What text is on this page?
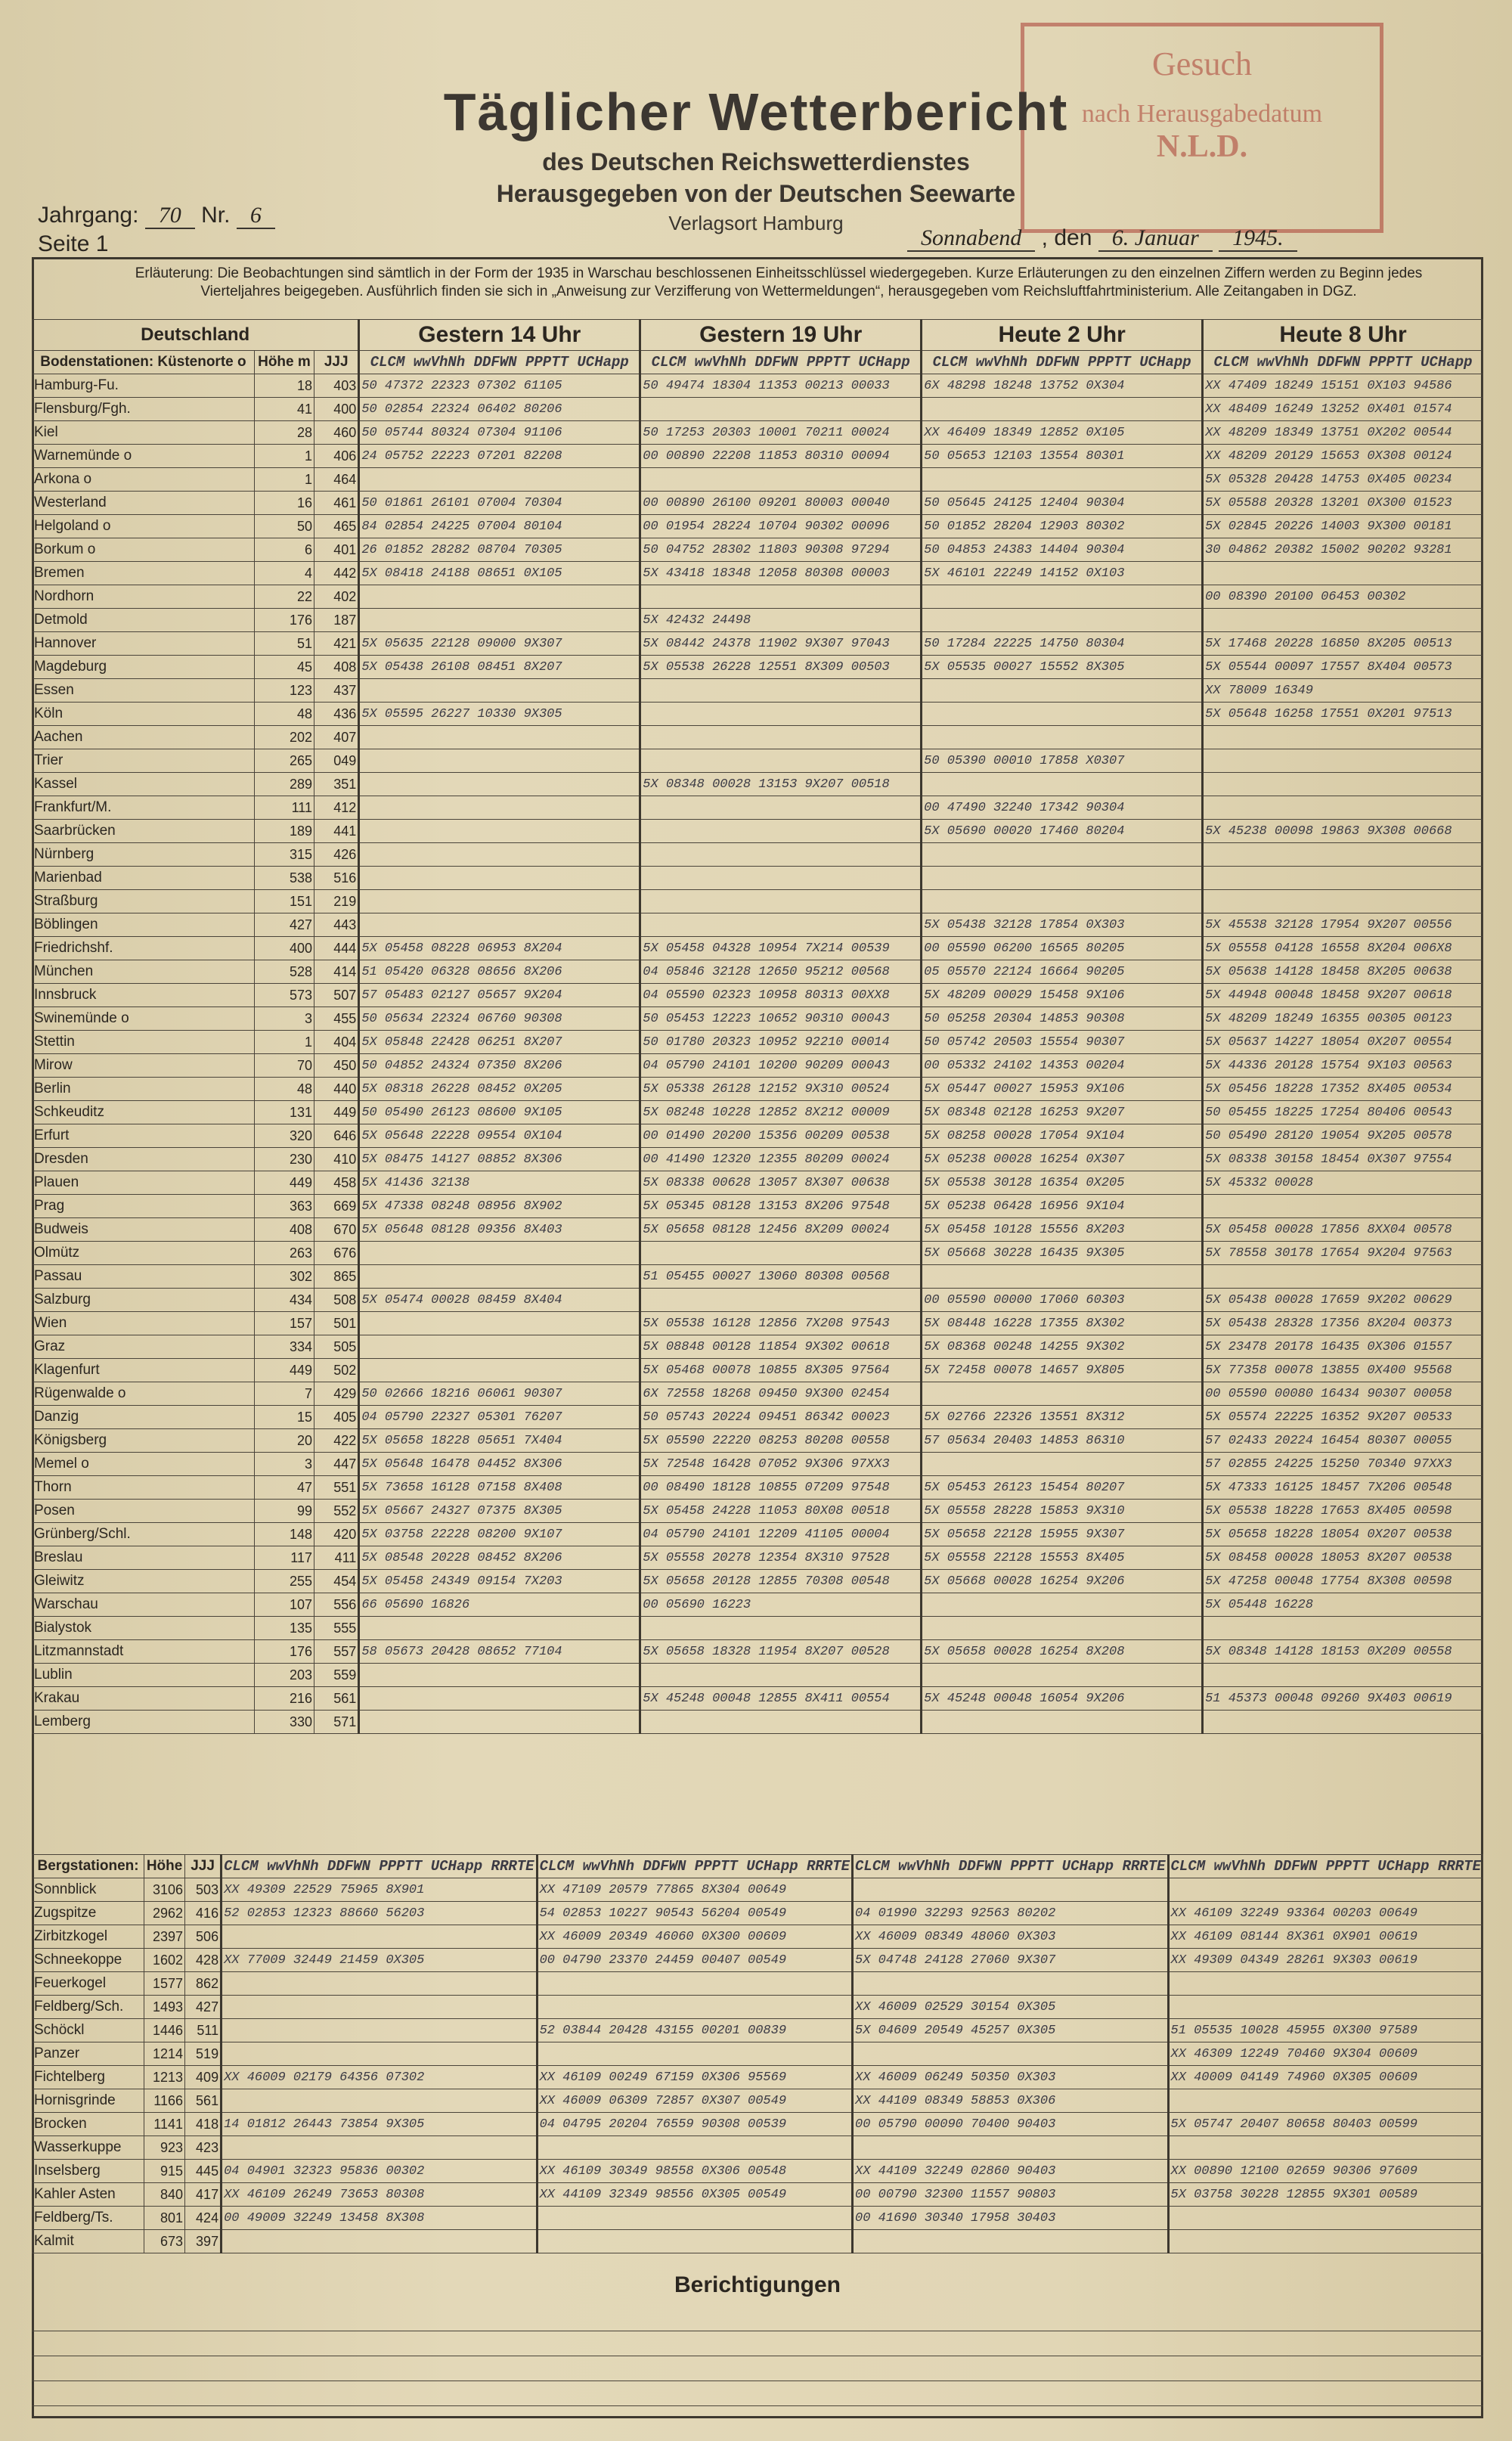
Gesuch
nach Herausgabedatum
N.L.D.
Täglicher Wetterbericht
des Deutschen Reichswetterdienstes
Herausgegeben von der Deutschen Seewarte
Verlagsort Hamburg
Jahrgang: 70 Nr. 6
Seite 1	Sonnabend , den 6. Januar 1945.
Erläuterung: Die Beobachtungen sind sämtlich in der Form der 1935 in Warschau beschlossenen Einheitsschlüssel wiedergegeben. Kurze Erläuterungen zu den einzelnen Ziffern werden zu Beginn jedes Vierteljahres beigegeben. Ausführlich finden sie sich in „Anweisung zur Verzifferung von Wettermeldungen“, herausgegeben vom Reichsluftfahrtministerium. Alle Zeitangaben in DGZ.
Deutschland			Gestern 14 Uhr	Gestern 19 Uhr	Heute 2 Uhr	Heute 8 Uhr
Bodenstationen: Küstenorte o	Höhe m	JJJ	CLCM wwVhNh DDFWN PPPTT UCHapp	CLCM wwVhNh DDFWN PPPTT UCHapp	CLCM wwVhNh DDFWN PPPTT UCHapp	CLCM wwVhNh DDFWN PPPTT UCHapp
Hamburg-Fu.	18	403	50 47372 22323 07302 61105	50 49474 18304 11353 00213 00033	6X 48298 18248 13752 0X304	XX 47409 18249 15151 0X103 94586
Flensburg/Fgh.	41	400	50 02854 22324 06402 80206			XX 48409 16249 13252 0X401 01574
Kiel	28	460	50 05744 80324 07304 91106	50 17253 20303 10001 70211 00024	XX 46409 18349 12852 0X105	XX 48209 18349 13751 0X202 00544
Warnemünde o	1	406	24 05752 22223 07201 82208	00 00890 22208 11853 80310 00094	50 05653 12103 13554 80301	XX 48209 20129 15653 0X308 00124
Arkona o	1	464				5X 05328 20428 14753 0X405 00234
Westerland	16	461	50 01861 26101 07004 70304	00 00890 26100 09201 80003 00040	50 05645 24125 12404 90304	5X 05588 20328 13201 0X300 01523
Helgoland o	50	465	84 02854 24225 07004 80104	00 01954 28224 10704 90302 00096	50 01852 28204 12903 80302	5X 02845 20226 14003 9X300 00181
Borkum o	6	401	26 01852 28282 08704 70305	50 04752 28302 11803 90308 97294	50 04853 24383 14404 90304	30 04862 20382 15002 90202 93281
Bremen	4	442	5X 08418 24188 08651 0X105	5X 43418 18348 12058 80308 00003	5X 46101 22249 14152 0X103	
Nordhorn	22	402				00 08390 20100 06453 00302
Detmold	176	187		5X 42432 24498		
Hannover	51	421	5X 05635 22128 09000 9X307	5X 08442 24378 11902 9X307 97043	50 17284 22225 14750 80304	5X 17468 20228 16850 8X205 00513
Magdeburg	45	408	5X 05438 26108 08451 8X207	5X 05538 26228 12551 8X309 00503	5X 05535 00027 15552 8X305	5X 05544 00097 17557 8X404 00573
Essen	123	437				XX 78009 16349
Köln	48	436	5X 05595 26227 10330 9X305			5X 05648 16258 17551 0X201 97513
Aachen	202	407				
Trier	265	049			50 05390 00010 17858 X0307	
Kassel	289	351		5X 08348 00028 13153 9X207 00518		
Frankfurt/M.	111	412			00 47490 32240 17342 90304	
Saarbrücken	189	441			5X 05690 00020 17460 80204	5X 45238 00098 19863 9X308 00668
Nürnberg	315	426				
Marienbad	538	516				
Straßburg	151	219				
Böblingen	427	443			5X 05438 32128 17854 0X303	5X 45538 32128 17954 9X207 00556
Friedrichshf.	400	444	5X 05458 08228 06953 8X204	5X 05458 04328 10954 7X214 00539	00 05590 06200 16565 80205	5X 05558 04128 16558 8X204 006X8
München	528	414	51 05420 06328 08656 8X206	04 05846 32128 12650 95212 00568	05 05570 22124 16664 90205	5X 05638 14128 18458 8X205 00638
Innsbruck	573	507	57 05483 02127 05657 9X204	04 05590 02323 10958 80313 00XX8	5X 48209 00029 15458 9X106	5X 44948 00048 18458 9X207 00618
Swinemünde o	3	455	50 05634 22324 06760 90308	50 05453 12223 10652 90310 00043	50 05258 20304 14853 90308	5X 48209 18249 16355 00305 00123
Stettin	1	404	5X 05848 22428 06251 8X207	50 01780 20323 10952 92210 00014	50 05742 20503 15554 90307	5X 05637 14227 18054 0X207 00554
Mirow	70	450	50 04852 24324 07350 8X206	04 05790 24101 10200 90209 00043	00 05332 24102 14353 00204	5X 44336 20128 15754 9X103 00563
Berlin	48	440	5X 08318 26228 08452 0X205	5X 05338 26128 12152 9X310 00524	5X 05447 00027 15953 9X106	5X 05456 18228 17352 8X405 00534
Schkeuditz	131	449	50 05490 26123 08600 9X105	5X 08248 10228 12852 8X212 00009	5X 08348 02128 16253 9X207	50 05455 18225 17254 80406 00543
Erfurt	320	646	5X 05648 22228 09554 0X104	00 01490 20200 15356 00209 00538	5X 08258 00028 17054 9X104	50 05490 28120 19054 9X205 00578
Dresden	230	410	5X 08475 14127 08852 8X306	00 41490 12320 12355 80209 00024	5X 05238 00028 16254 0X307	5X 08338 30158 18454 0X307 97554
Plauen	449	458	5X 41436 32138	5X 08338 00628 13057 8X307 00638	5X 05538 30128 16354 0X205	5X 45332 00028
Prag	363	669	5X 47338 08248 08956 8X902	5X 05345 08128 13153 8X206 97548	5X 05238 06428 16956 9X104	
Budweis	408	670	5X 05648 08128 09356 8X403	5X 05658 08128 12456 8X209 00024	5X 05458 10128 15556 8X203	5X 05458 00028 17856 8XX04 00578
Olmütz	263	676			5X 05668 30228 16435 9X305	5X 78558 30178 17654 9X204 97563
Passau	302	865		51 05455 00027 13060 80308 00568		
Salzburg	434	508	5X 05474 00028 08459 8X404		00 05590 00000 17060 60303	5X 05438 00028 17659 9X202 00629
Wien	157	501		5X 05538 16128 12856 7X208 97543	5X 08448 16228 17355 8X302	5X 05438 28328 17356 8X204 00373
Graz	334	505		5X 08848 00128 11854 9X302 00618	5X 08368 00248 14255 9X302	5X 23478 20178 16435 0X306 01557
Klagenfurt	449	502		5X 05468 00078 10855 8X305 97564	5X 72458 00078 14657 9X805	5X 77358 00078 13855 0X400 95568
Rügenwalde o	7	429	50 02666 18216 06061 90307	6X 72558 18268 09450 9X300 02454		00 05590 00080 16434 90307 00058
Danzig	15	405	04 05790 22327 05301 76207	50 05743 20224 09451 86342 00023	5X 02766 22326 13551 8X312	5X 05574 22225 16352 9X207 00533
Königsberg	20	422	5X 05658 18228 05651 7X404	5X 05590 22220 08253 80208 00558	57 05634 20403 14853 86310	57 02433 20224 16454 80307 00055
Memel o	3	447	5X 05648 16478 04452 8X306	5X 72548 16428 07052 9X306 97XX3		57 02855 24225 15250 70340 97XX3
Thorn	47	551	5X 73658 16128 07158 8X408	00 08490 18128 10855 07209 97548	5X 05453 26123 15454 80207	5X 47333 16125 18457 7X206 00548
Posen	99	552	5X 05667 24327 07375 8X305	5X 05458 24228 11053 80X08 00518	5X 05558 28228 15853 9X310	5X 05538 18228 17653 8X405 00598
Grünberg/Schl.	148	420	5X 03758 22228 08200 9X107	04 05790 24101 12209 41105 00004	5X 05658 22128 15955 9X307	5X 05658 18228 18054 0X207 00538
Breslau	117	411	5X 08548 20228 08452 8X206	5X 05558 20278 12354 8X310 97528	5X 05558 22128 15553 8X405	5X 08458 00028 18053 8X207 00538
Gleiwitz	255	454	5X 05458 24349 09154 7X203	5X 05658 20128 12855 70308 00548	5X 05668 00028 16254 9X206	5X 47258 00048 17754 8X308 00598
Warschau	107	556	66 05690 16826	00 05690 16223		5X 05448 16228
Bialystok	135	555				
Litzmannstadt	176	557	58 05673 20428 08652 77104	5X 05658 18328 11954 8X207 00528	5X 05658 00028 16254 8X208	5X 08348 14128 18153 0X209 00558
Lublin	203	559				
Krakau	216	561		5X 45248 00048 12855 8X411 00554	5X 45248 00048 16054 9X206	51 45373 00048 09260 9X403 00619
Lemberg	330	571				
Bergstationen:	Höhe	JJJ	CLCM wwVhNh DDFWN PPPTT UCHapp RRRTE	CLCM wwVhNh DDFWN PPPTT UCHapp RRRTE	CLCM wwVhNh DDFWN PPPTT UCHapp RRRTE	CLCM wwVhNh DDFWN PPPTT UCHapp RRRTE
Sonnblick	3106	503	XX 49309 22529 75965 8X901	XX 47109 20579 77865 8X304 00649		
Zugspitze	2962	416	52 02853 12323 88660 56203	54 02853 10227 90543 56204 00549	04 01990 32293 92563 80202	XX 46109 32249 93364 00203 00649
Zirbitzkogel	2397	506		XX 46009 20349 46060 0X300 00609	XX 46009 08349 48060 0X303	XX 46109 08144 8X361 0X901 00619
Schneekoppe	1602	428	XX 77009 32449 21459 0X305	00 04790 23370 24459 00407 00549	5X 04748 24128 27060 9X307	XX 49309 04349 28261 9X303 00619
Feuerkogel	1577	862				
Feldberg/Sch.	1493	427			XX 46009 02529 30154 0X305	
Schöckl	1446	511		52 03844 20428 43155 00201 00839	5X 04609 20549 45257 0X305	51 05535 10028 45955 0X300 97589
Panzer	1214	519				XX 46309 12249 70460 9X304 00609
Fichtelberg	1213	409	XX 46009 02179 64356 07302	XX 46109 00249 67159 0X306 95569	XX 46009 06249 50350 0X303	XX 40009 04149 74960 0X305 00609
Hornisgrinde	1166	561		XX 46009 06309 72857 0X307 00549	XX 44109 08349 58853 0X306	
Brocken	1141	418	14 01812 26443 73854 9X305	04 04795 20204 76559 90308 00539	00 05790 00090 70400 90403	5X 05747 20407 80658 80403 00599
Wasserkuppe	923	423				
Inselsberg	915	445	04 04901 32323 95836 00302	XX 46109 30349 98558 0X306 00548	XX 44109 32249 02860 90403	XX 00890 12100 02659 90306 97609
Kahler Asten	840	417	XX 46109 26249 73653 80308	XX 44109 32349 98556 0X305 00549	00 00790 32300 11557 90803	5X 03758 30228 12855 9X301 00589
Feldberg/Ts.	801	424	00 49009 32249 13458 8X308		00 41690 30340 17958 30403	
Kalmit	673	397				
Berichtigungen
